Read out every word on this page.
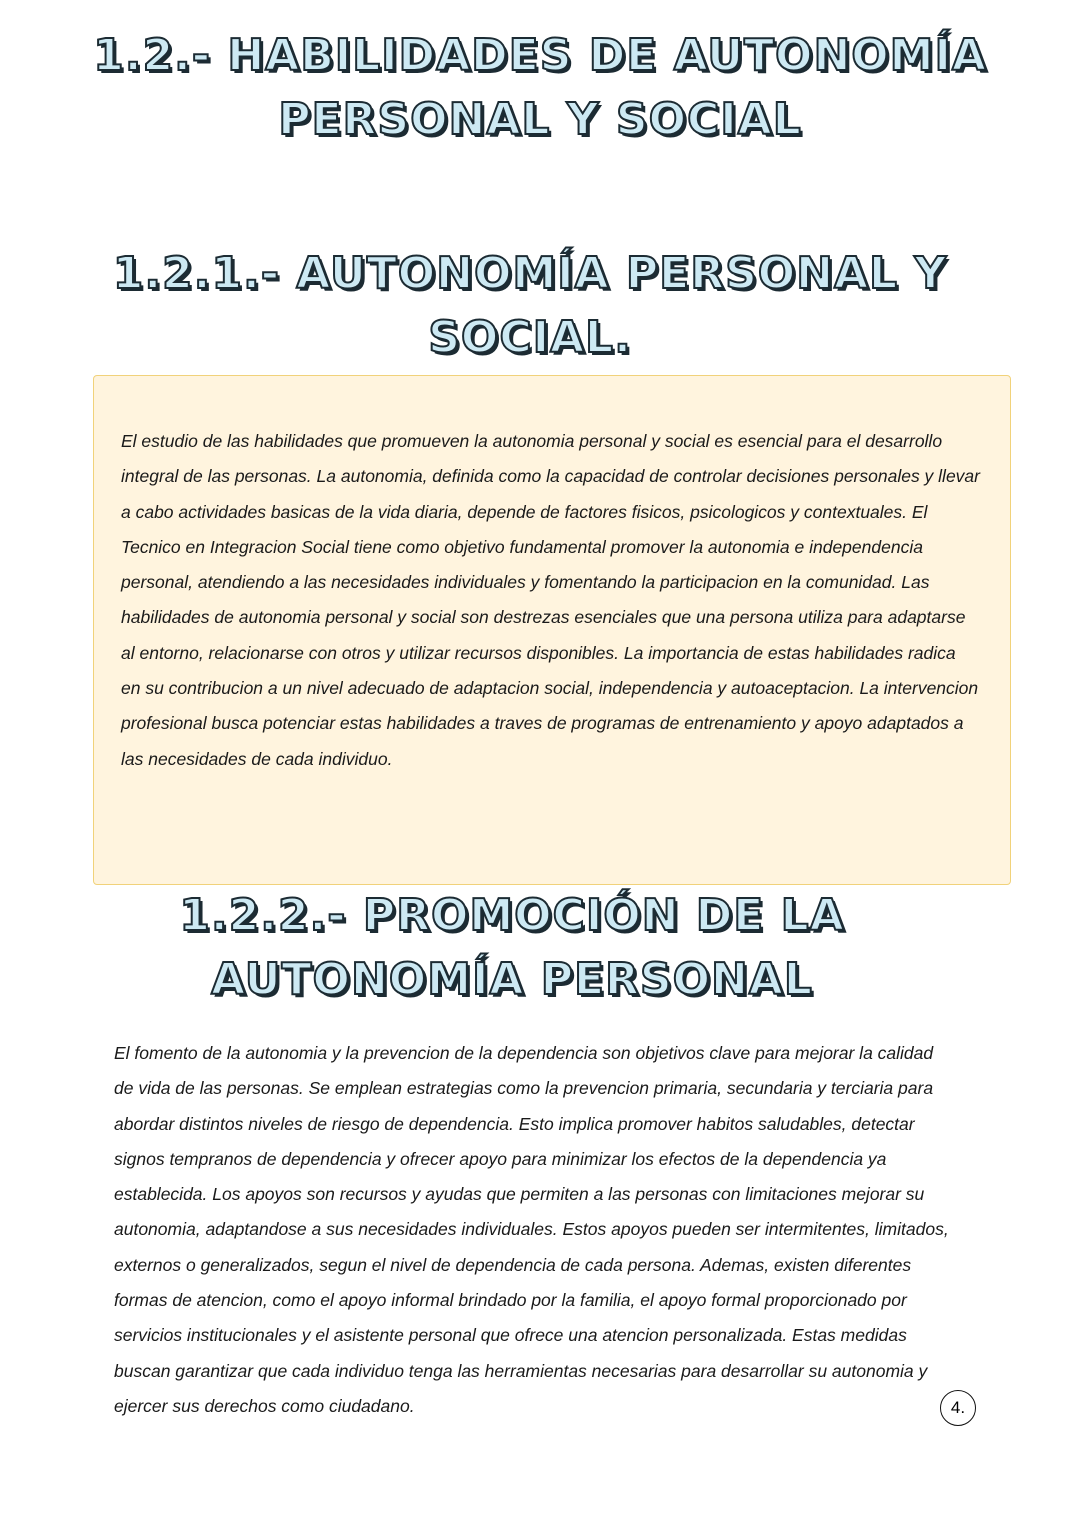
1.2.- HABILIDADES DE AUTONOMÍA
PERSONAL Y SOCIAL
1.2.1.- AUTONOMÍA PERSONAL Y
SOCIAL.
El estudio de las habilidades que promueven la autonomia personal y social es esencial para el desarrollo
integral de las personas. La autonomia, definida como la capacidad de controlar decisiones personales y llevar
a cabo actividades basicas de la vida diaria, depende de factores fisicos, psicologicos y contextuales. El
Tecnico en Integracion Social tiene como objetivo fundamental promover la autonomia e independencia
personal, atendiendo a las necesidades individuales y fomentando la participacion en la comunidad. Las
habilidades de autonomia personal y social son destrezas esenciales que una persona utiliza para adaptarse
al entorno, relacionarse con otros y utilizar recursos disponibles. La importancia de estas habilidades radica
en su contribucion a un nivel adecuado de adaptacion social, independencia y autoaceptacion. La intervencion
profesional busca potenciar estas habilidades a traves de programas de entrenamiento y apoyo adaptados a
las necesidades de cada individuo.
1.2.2.- PROMOCIÓN DE LA
AUTONOMÍA PERSONAL
El fomento de la autonomia y la prevencion de la dependencia son objetivos clave para mejorar la calidad
de vida de las personas. Se emplean estrategias como la prevencion primaria, secundaria y terciaria para
abordar distintos niveles de riesgo de dependencia. Esto implica promover habitos saludables, detectar
signos tempranos de dependencia y ofrecer apoyo para minimizar los efectos de la dependencia ya
establecida. Los apoyos son recursos y ayudas que permiten a las personas con limitaciones mejorar su
autonomia, adaptandose a sus necesidades individuales. Estos apoyos pueden ser intermitentes, limitados,
externos o generalizados, segun el nivel de dependencia de cada persona. Ademas, existen diferentes
formas de atencion, como el apoyo informal brindado por la familia, el apoyo formal proporcionado por
servicios institucionales y el asistente personal que ofrece una atencion personalizada. Estas medidas
buscan garantizar que cada individuo tenga las herramientas necesarias para desarrollar su autonomia y
ejercer sus derechos como ciudadano.	4.
